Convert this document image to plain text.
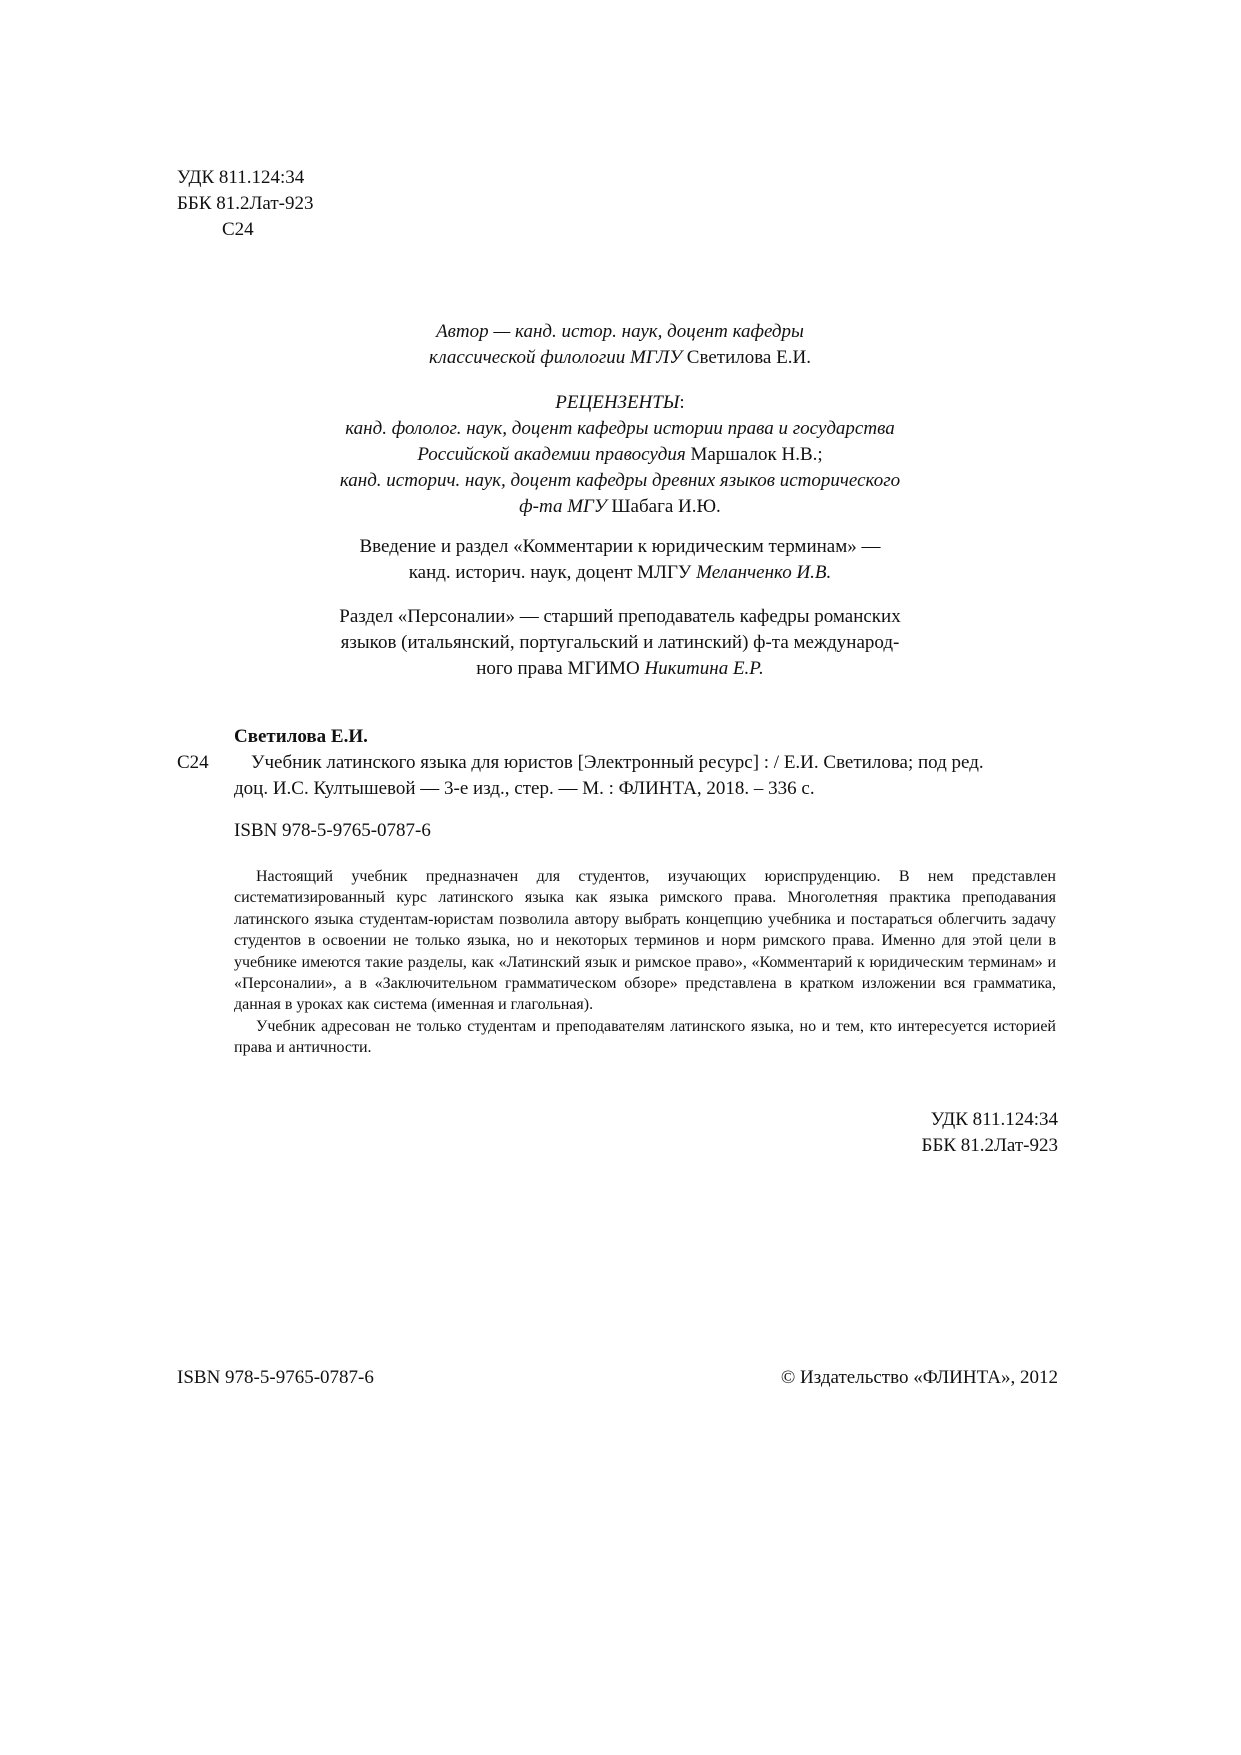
УДК 811.124:34
ББК 81.2Лат-923
С24
Автор — канд. истор. наук, доцент кафедры
классической филологии МГЛУ Светилова Е.И.
РЕЦЕНЗЕНТЫ:
канд. фололог. наук, доцент кафедры истории права и государства
Российской академии правосудия Маршалок Н.В.;
канд. историч. наук, доцент кафедры древних языков исторического
ф-та МГУ Шабага И.Ю.
Введение и раздел «Комментарии к юридическим терминам» —
канд. историч. наук, доцент МЛГУ Меланченко И.В.
Раздел «Персоналии» — старший преподаватель кафедры романских
языков (итальянский, португальский и латинский) ф-та международ-
ного права МГИМО Никитина Е.Р.
Светилова Е.И.
С24 Учебник латинского языка для юристов [Электронный ресурс] : / Е.И. Светилова; под ред.
доц. И.С. Култышевой — 3-е изд., стер. — М. : ФЛИНТА, 2018. – 336 с.
ISBN 978-5-9765-0787-6

Настоящий учебник предназначен для студентов, изучающих юриспруденцию. В нем представлен систематизированный курс латинского языка как языка римского права. Многолетняя практика преподавания латинского языка студентам-юристам позволила автору выбрать концепцию учебника и постараться облегчить задачу студентов в освоении не только языка, но и некоторых терминов и норм римского права. Именно для этой цели в учебнике имеются такие разделы, как «Латинский язык и римское право», «Комментарий к юридическим терминам» и «Персоналии», а в «Заключительном грамматическом обзоре» представлена в кратком изложении вся грамматика, данная в уроках как система (именная и глагольная).

Учебник адресован не только студентам и преподавателям латинского языка, но и тем, кто интересуется историей права и античности.

УДК 811.124:34
ББК 81.2Лат-923
ISBN 978-5-9765-0787-6	© Издательство «ФЛИНТА», 2012
